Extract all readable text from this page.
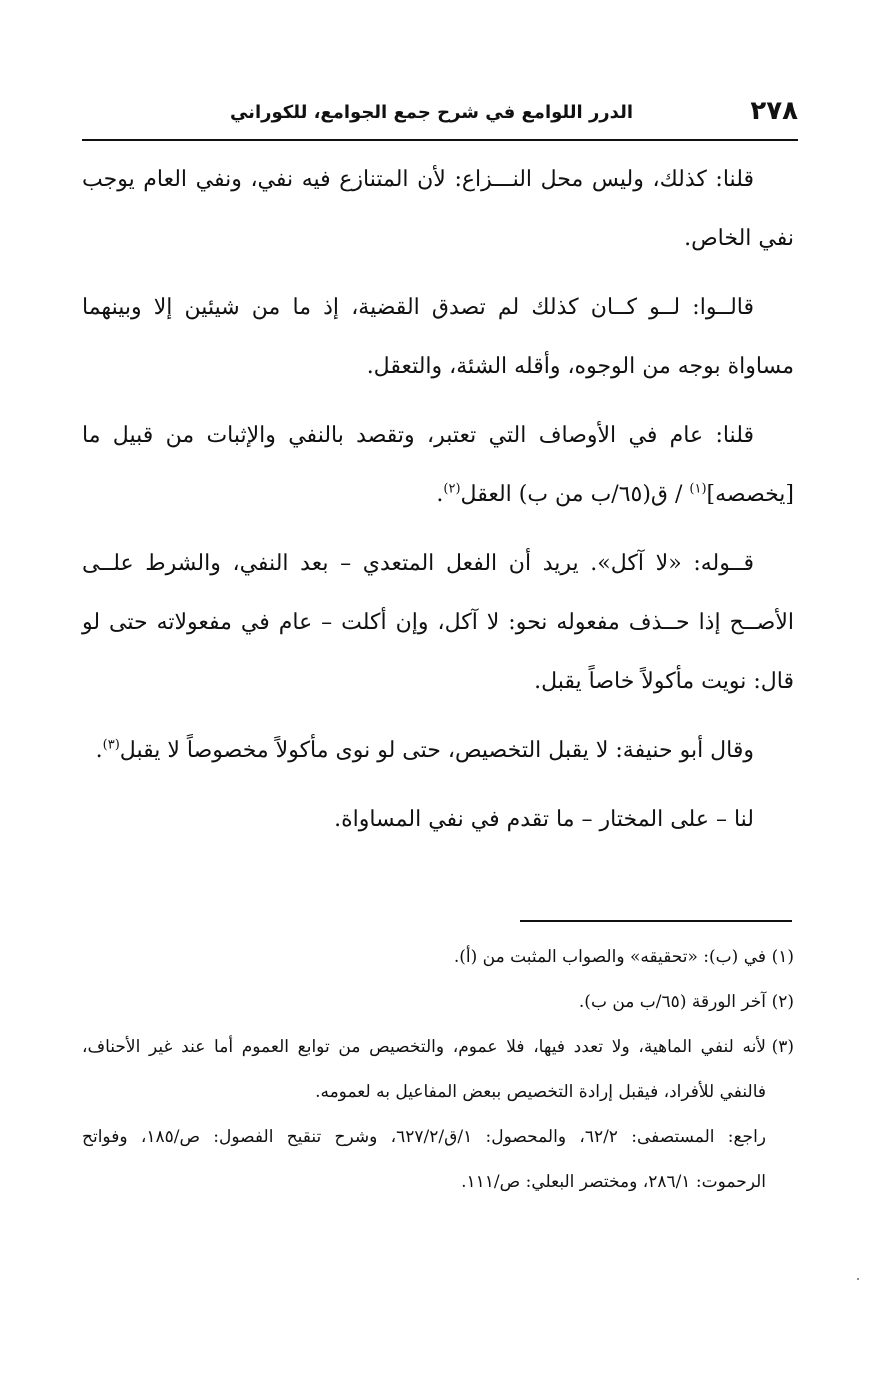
٢٧٨
الدرر اللوامع في شرح جمع الجوامع، للكوراني

قلنا: كذلك، وليس محل النـــزاع: لأن المتنازع فيه نفي، ونفي العام يوجب نفي الخاص.

قالــوا: لــو كــان كذلك لم تصدق القضية، إذ ما من شيئين إلا وبينهما مساواة بوجه من الوجوه، وأقله الشئة، والتعقل.

قلنا: عام في الأوصاف التي تعتبر، وتقصد بالنفي والإثبات من قبيل ما [يخصصه]$^{(١)}$ / ق(٦٥/ب من ب) العقل$^{(٢)}$.

قــوله: «لا آكل». يريد أن الفعل المتعدي – بعد النفي، والشرط علــى الأصــح إذا حــذف مفعوله نحو: لا آكل، وإن أكلت – عام في مفعولاته حتى لو قال: نويت مأكولاً خاصاً يقبل.

وقال أبو حنيفة: لا يقبل التخصيص، حتى لو نوى مأكولاً مخصوصاً لا يقبل$^{(٣)}$.

لنا – على المختار – ما تقدم في نفي المساواة.

(١)
في (ب): «تحقيقه» والصواب المثبت من (أ).
(٢)
آخر الورقة (٦٥/ب من ب).
(٣)
لأنه لنفي الماهية، ولا تعدد فيها، فلا عموم، والتخصيص من توابع العموم أما عند غير الأحناف، فالنفي للأفراد، فيقبل إرادة التخصيص ببعض المفاعيل به لعمومه.

راجع: المستصفى: ٦٢/٢، والمحصول: ١/ق/٦٢٧/٢، وشرح تنقيح الفصول: ص/١٨٥، وفواتح الرحموت: ٢٨٦/١، ومختصر البعلي: ص/١١١.
